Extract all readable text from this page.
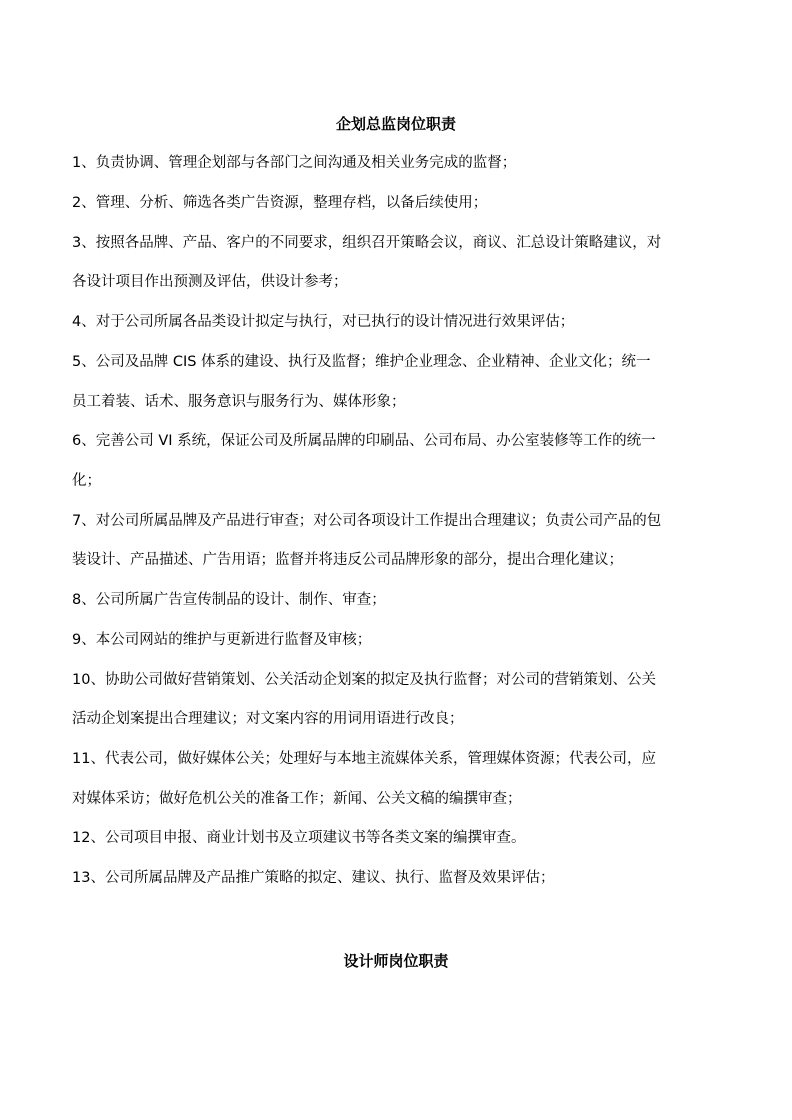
企划总监岗位职责
1、负责协调、管理企划部与各部门之间沟通及相关业务完成的监督；
2、管理、分析、筛选各类广告资源，整理存档，以备后续使用；
3、按照各品牌、产品、客户的不同要求，组织召开策略会议，商议、汇总设计策略建议，对
各设计项目作出预测及评估，供设计参考；
4、对于公司所属各品类设计拟定与执行，对已执行的设计情况进行效果评估；
5、公司及品牌 CIS 体系的建设、执行及监督；维护企业理念、企业精神、企业文化；统一
员工着装、话术、服务意识与服务行为、媒体形象；
6、完善公司 VI 系统，保证公司及所属品牌的印刷品、公司布局、办公室装修等工作的统一
化；
7、对公司所属品牌及产品进行审查；对公司各项设计工作提出合理建议；负责公司产品的包
装设计、产品描述、广告用语；监督并将违反公司品牌形象的部分，提出合理化建议；
8、公司所属广告宣传制品的设计、制作、审查；
9、本公司网站的维护与更新进行监督及审核；
10、协助公司做好营销策划、公关活动企划案的拟定及执行监督；对公司的营销策划、公关
活动企划案提出合理建议；对文案内容的用词用语进行改良；
11、代表公司，做好媒体公关；处理好与本地主流媒体关系，管理媒体资源；代表公司，应
对媒体采访；做好危机公关的准备工作；新闻、公关文稿的编撰审查；
12、公司项目申报、商业计划书及立项建议书等各类文案的编撰审查。
13、公司所属品牌及产品推广策略的拟定、建议、执行、监督及效果评估；
设计师岗位职责
